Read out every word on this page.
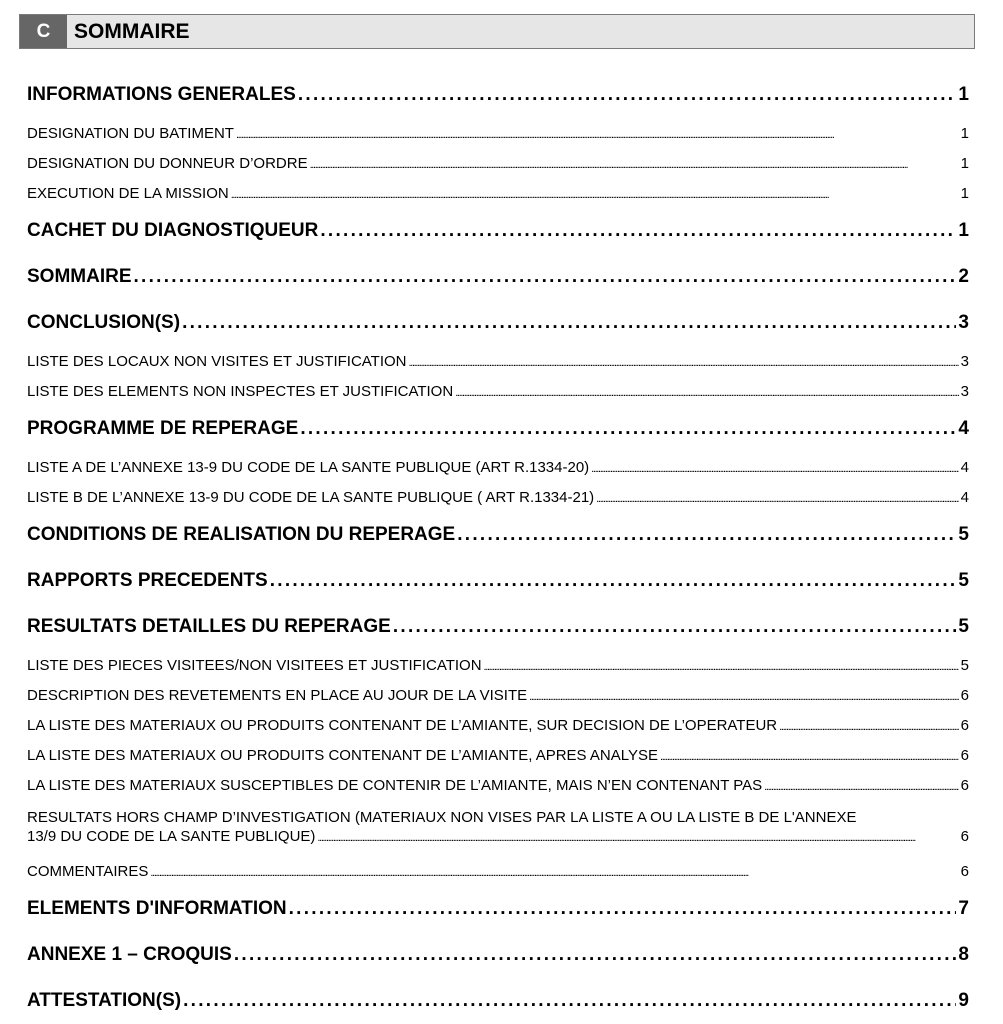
C	SOMMAIRE
INFORMATIONS GENERALES . . .	1
DESIGNATION DU BATIMENT . . .	1
DESIGNATION DU DONNEUR D’ORDRE . . .	1
EXECUTION DE LA MISSION . . .	1
CACHET DU DIAGNOSTIQUEUR . . .	1
SOMMAIRE . . .	2
CONCLUSION(S) . . .	3
LISTE DES LOCAUX NON VISITES ET JUSTIFICATION . . .	3
LISTE DES ELEMENTS NON INSPECTES ET JUSTIFICATION . . .	3
PROGRAMME DE REPERAGE . . .	4
LISTE A DE L’ANNEXE 13-9 DU CODE DE LA SANTE PUBLIQUE (ART R.1334-20) . . .	4
LISTE B DE L’ANNEXE 13-9 DU CODE DE LA SANTE PUBLIQUE ( ART R.1334-21) . . .	4
CONDITIONS DE REALISATION DU REPERAGE . . .	5
RAPPORTS PRECEDENTS . . .	5
RESULTATS DETAILLES DU REPERAGE . . .	5
LISTE DES PIECES VISITEES/NON VISITEES ET JUSTIFICATION . . .	5
DESCRIPTION DES REVETEMENTS EN PLACE AU JOUR DE LA VISITE . . .	6
LA LISTE DES MATERIAUX OU PRODUITS CONTENANT DE L’AMIANTE, SUR DECISION DE L’OPERATEUR . . .	6
LA LISTE DES MATERIAUX OU PRODUITS CONTENANT DE L’AMIANTE, APRES ANALYSE . . .	6
LA LISTE DES MATERIAUX SUSCEPTIBLES DE CONTENIR DE L’AMIANTE, MAIS N’EN CONTENANT PAS . . .	6
RESULTATS HORS CHAMP D’INVESTIGATION (MATERIAUX NON VISES PAR LA LISTE A OU LA LISTE B DE L'ANNEXE
13/9 DU CODE DE LA SANTE PUBLIQUE) . . .	6
COMMENTAIRES . . .	6
ELEMENTS D'INFORMATION . . .	7
ANNEXE 1 – CROQUIS . . .	8
ATTESTATION(S) . . .	9
